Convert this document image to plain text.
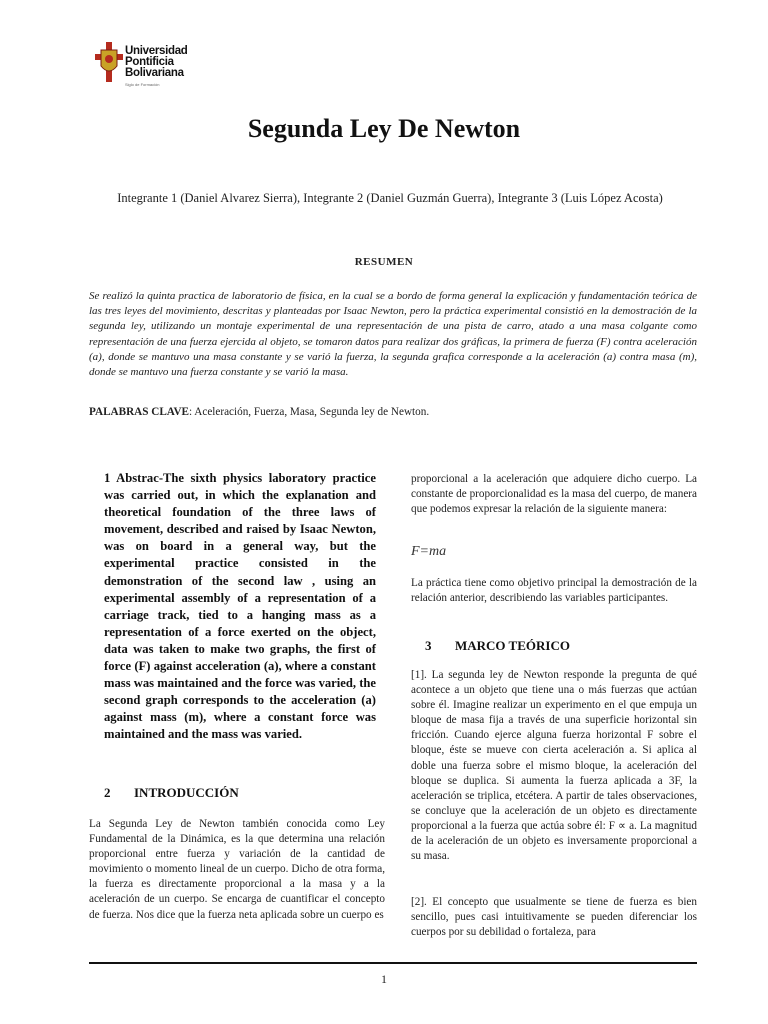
Universidad
Pontificia
Bolivariana
Siglo de Formación
Segunda Ley De Newton
Integrante 1 (Daniel Alvarez Sierra), Integrante 2 (Daniel Guzmán Guerra), Integrante 3 (Luis López Acosta)
RESUMEN
Se realizó la quinta practica de laboratorio de física, en la cual se a bordo de forma general la explicación y fundamentación teórica de las tres leyes del movimiento, descritas y planteadas por Isaac Newton, pero la práctica experimental consistió en la demostración de la segunda ley, utilizando un montaje experimental de una representación de una pista de carro, atado a una masa colgante como representación de una fuerza ejercida al objeto, se tomaron datos para realizar dos gráficas, la primera de fuerza (F) contra aceleración (a), donde se mantuvo una masa constante y se varió la fuerza, la segunda grafica corresponde a la aceleración (a) contra masa (m), donde se mantuvo una fuerza constante y se varió la masa.
PALABRAS CLAVE: Aceleración, Fuerza, Masa, Segunda ley de Newton.
1 Abstrac-The sixth physics laboratory practice was carried out, in which the explanation and theoretical foundation of the three laws of movement, described and raised by Isaac Newton, was on board in a general way, but the experimental practice consisted in the demonstration of the second law , using an experimental assembly of a representation of a carriage track, tied to a hanging mass as a representation of a force exerted on the object, data was taken to make two graphs, the first of force (F) against acceleration (a), where a constant mass was maintained and the force was varied, the second graph corresponds to the acceleration (a) against mass (m), where a constant force was maintained and the mass was varied.
2 INTRODUCCIÓN
La Segunda Ley de Newton también conocida como Ley Fundamental de la Dinámica, es la que determina una relación proporcional entre fuerza y variación de la cantidad de movimiento o momento lineal de un cuerpo. Dicho de otra forma, la fuerza es directamente proporcional a la masa y a la aceleración de un cuerpo. Se encarga de cuantificar el concepto de fuerza. Nos dice que la fuerza neta aplicada sobre un cuerpo es
proporcional a la aceleración que adquiere dicho cuerpo. La constante de proporcionalidad es la masa del cuerpo, de manera que podemos expresar la relación de la siguiente manera:
F=ma
La práctica tiene como objetivo principal la demostración de la relación anterior, describiendo las variables participantes.
3 MARCO TEÓRICO
[1]. La segunda ley de Newton responde la pregunta de qué acontece a un objeto que tiene una o más fuerzas que actúan sobre él. Imagine realizar un experimento en el que empuja un bloque de masa fija a través de una superficie horizontal sin fricción. Cuando ejerce alguna fuerza horizontal F sobre el bloque, éste se mueve con cierta aceleración a. Si aplica al doble una fuerza sobre el mismo bloque, la aceleración del bloque se duplica. Si aumenta la fuerza aplicada a 3F, la aceleración se triplica, etcétera. A partir de tales observaciones, se concluye que la aceleración de un objeto es directamente proporcional a la fuerza que actúa sobre él: F ∝ a. La magnitud de la aceleración de un objeto es inversamente proporcional a su masa.
[2]. El concepto que usualmente se tiene de fuerza es bien sencillo, pues casi intuitivamente se pueden diferenciar los cuerpos por su debilidad o fortaleza, para
1
